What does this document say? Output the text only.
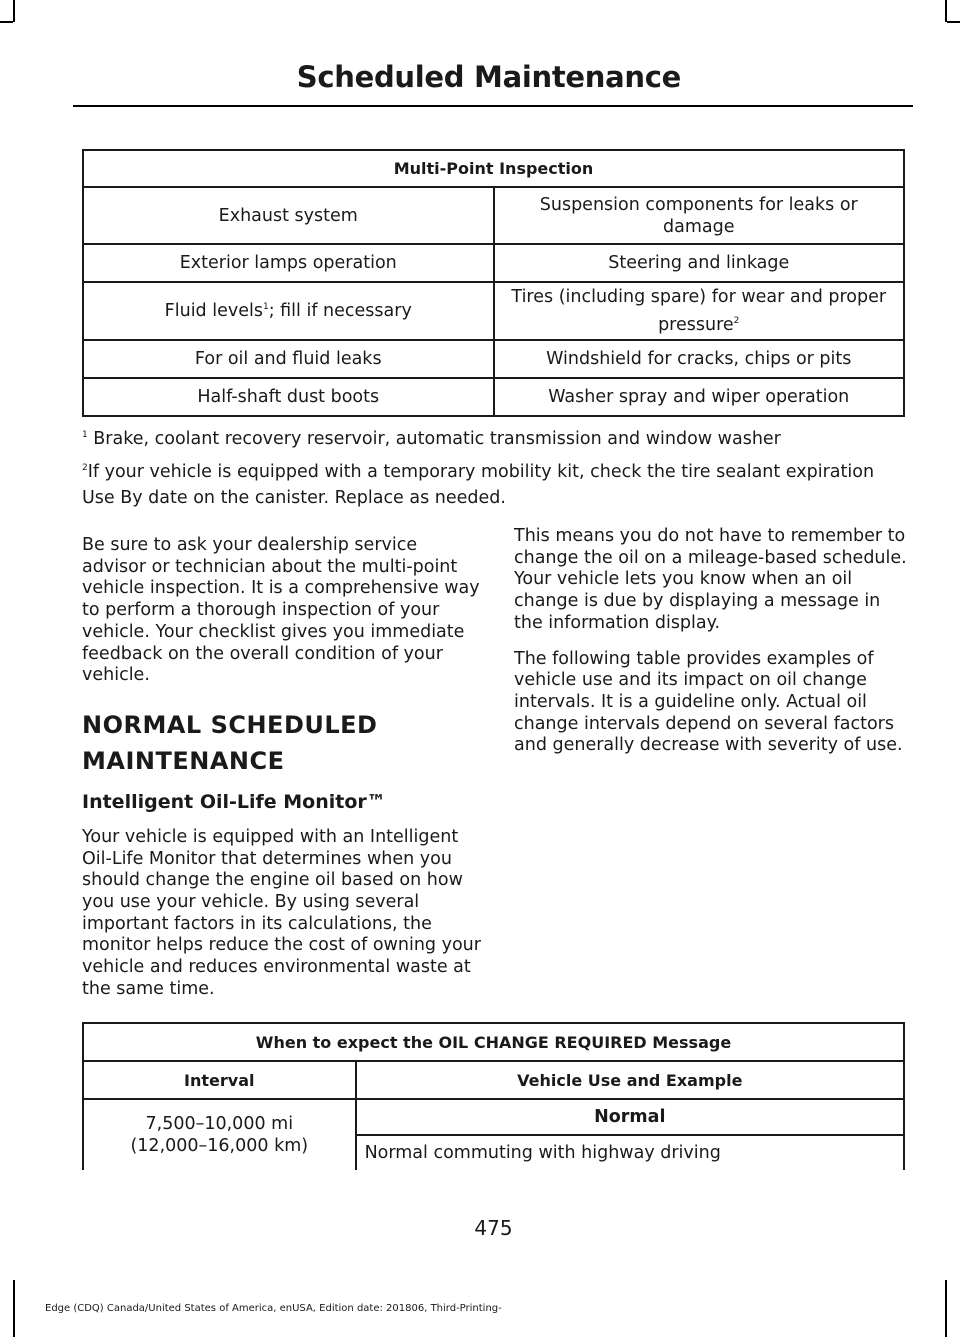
Scheduled Maintenance
Multi-Point Inspection	
Exhaust system	Suspension components for leaks or damage
Exterior lamps operation	Steering and linkage
Fluid levels$^1$; fill if necessary	Tires (including spare) for wear and proper pressure$^2$
For oil and fluid leaks	Windshield for cracks, chips or pits
Half-shaft dust boots	Washer spray and wiper operation
$^1$ Brake, coolant recovery reservoir, automatic transmission and window washer
$^2$If your vehicle is equipped with a temporary mobility kit, check the tire sealant expiration Use By date on the canister. Replace as needed.

Be sure to ask your dealership service advisor or technician about the multi-point vehicle inspection. It is a comprehensive way to perform a thorough inspection of your vehicle. Your checklist gives you immediate feedback on the overall condition of your vehicle.

NORMAL SCHEDULED MAINTENANCE
Intelligent Oil-Life Monitor™

Your vehicle is equipped with an Intelligent Oil-Life Monitor that determines when you should change the engine oil based on how you use your vehicle. By using several important factors in its calculations, the monitor helps reduce the cost of owning your vehicle and reduces environmental waste at the same time.

This means you do not have to remember to change the oil on a mileage-based schedule. Your vehicle lets you know when an oil change is due by displaying a message in the information display.

The following table provides examples of vehicle use and its impact on oil change intervals. It is a guideline only. Actual oil change intervals depend on several factors and generally decrease with severity of use.

When to expect the OIL CHANGE REQUIRED Message	
Interval	Vehicle Use and Example

7,500–10,000 mi
(12,000–16,000 km)	Normal
	Normal commuting with highway driving
475
Edge (CDQ) Canada/United States of America, enUSA, Edition date: 201806, Third-Printing-
